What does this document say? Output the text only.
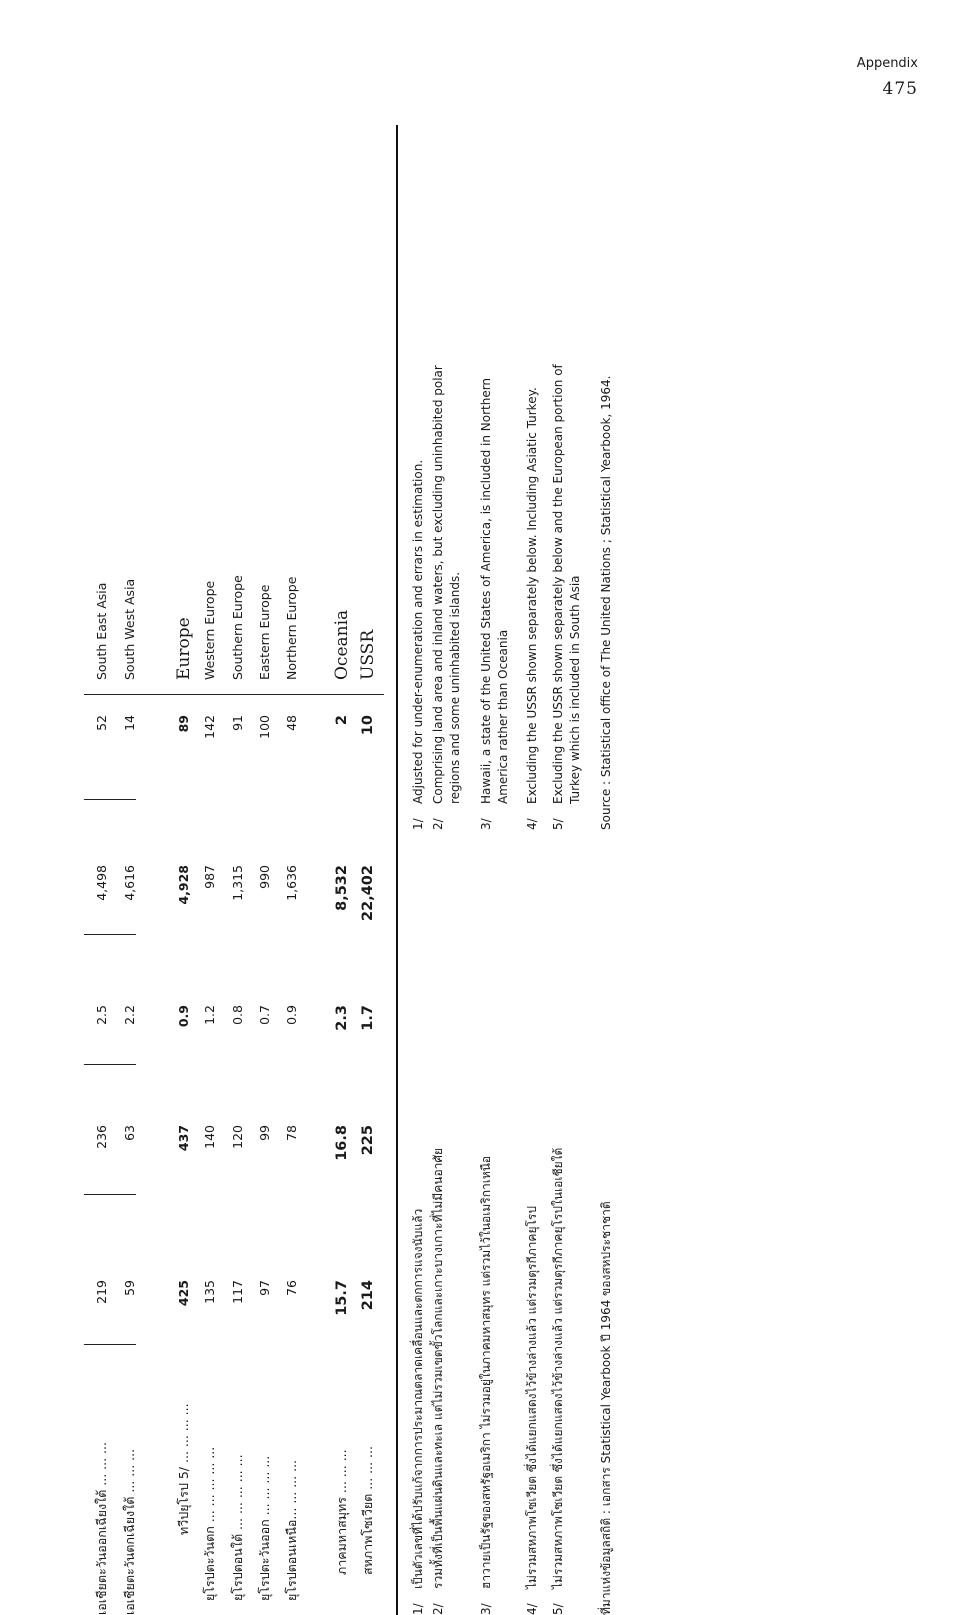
Appendix
475
เอเชียตะวันออกเฉียงใต้ ... ... ...
219
236
2.5
4,498
52
South East Asia
เอเชียตะวันตกเฉียงใต้ ... ... ...
59
63
2.2
4,616
14
South West Asia
ทวีปยุโรป 5/ ... ... ... ...
425
437
0.9
4,928
89
Europe
ยุโรปตะวันตก ... ... ... ... ...
135
140
1.2
987
142
Western Europe
ยุโรปตอนใต้ ... ... ... ... ...
117
120
0.8
1,315
91
Southern Europe
ยุโรปตะวันออก ... ... ... ...
97
99
0.7
990
100
Eastern Europe
ยุโรปตอนเหนือ... ... ... ...
76
78
0.9
1,636
48
Northern Europe
ภาคมหาสมุทร ... ... ...
15.7
16.8
2.3
8,532
2
Oceania
สหภาพโซเวียต ... ... ...
214
225
1.7
22,402
10
USSR
1/เป็นตัวเลขที่ได้ปรับแก้จากการประมาณตลาดเคลื่อนและตกการแจงนับแล้ว
2/รวมทั้งที่เป็นพื้นแผ่นดินและทะเล แต่ไม่รวมเขตขั้วโลกและเกาะบางเกาะที่ไม่มีคนอาศัย
3/ฮาวายเป็นรัฐของสหรัฐอเมริกา ไม่รวมอยู่ในภาคมหาสมุทร แต่รวมไว้ในอเมริกาเหนือ
4/ไม่รวมสหภาพโซเวียต ซึ่งได้แยกแสดงไว้ข้างล่างแล้ว แต่รวมตุรกีภาคยุโรป
5/ไม่รวมสหภาพโซเวียต ซึ่งได้แยกแสดงไว้ข้างล่างแล้ว แต่รวมตุรกีภาคยุโรปในเอเชียใต้	ที่มาแห่งข้อมูลสถิติ : เอกสาร Statistical Yearbook ปี 1964 ของสหประชาชาติ
1/Adjusted for under-enumeration and errars in estimation.
2/Comprising land area and inland waters, but excluding uninhabited polar regions and some uninhabited islands.
3/Hawaii, a state of the United States of America, is included in Northern America rather than Oceania
4/Excluding the USSR shown separately below. Including Asiatic Turkey.
5/Excluding the USSR shown separately below and the European portion of Turkey which is included in South Asia Source : Statistical office of The United Nations ; Statistical Yearbook, 1964.
